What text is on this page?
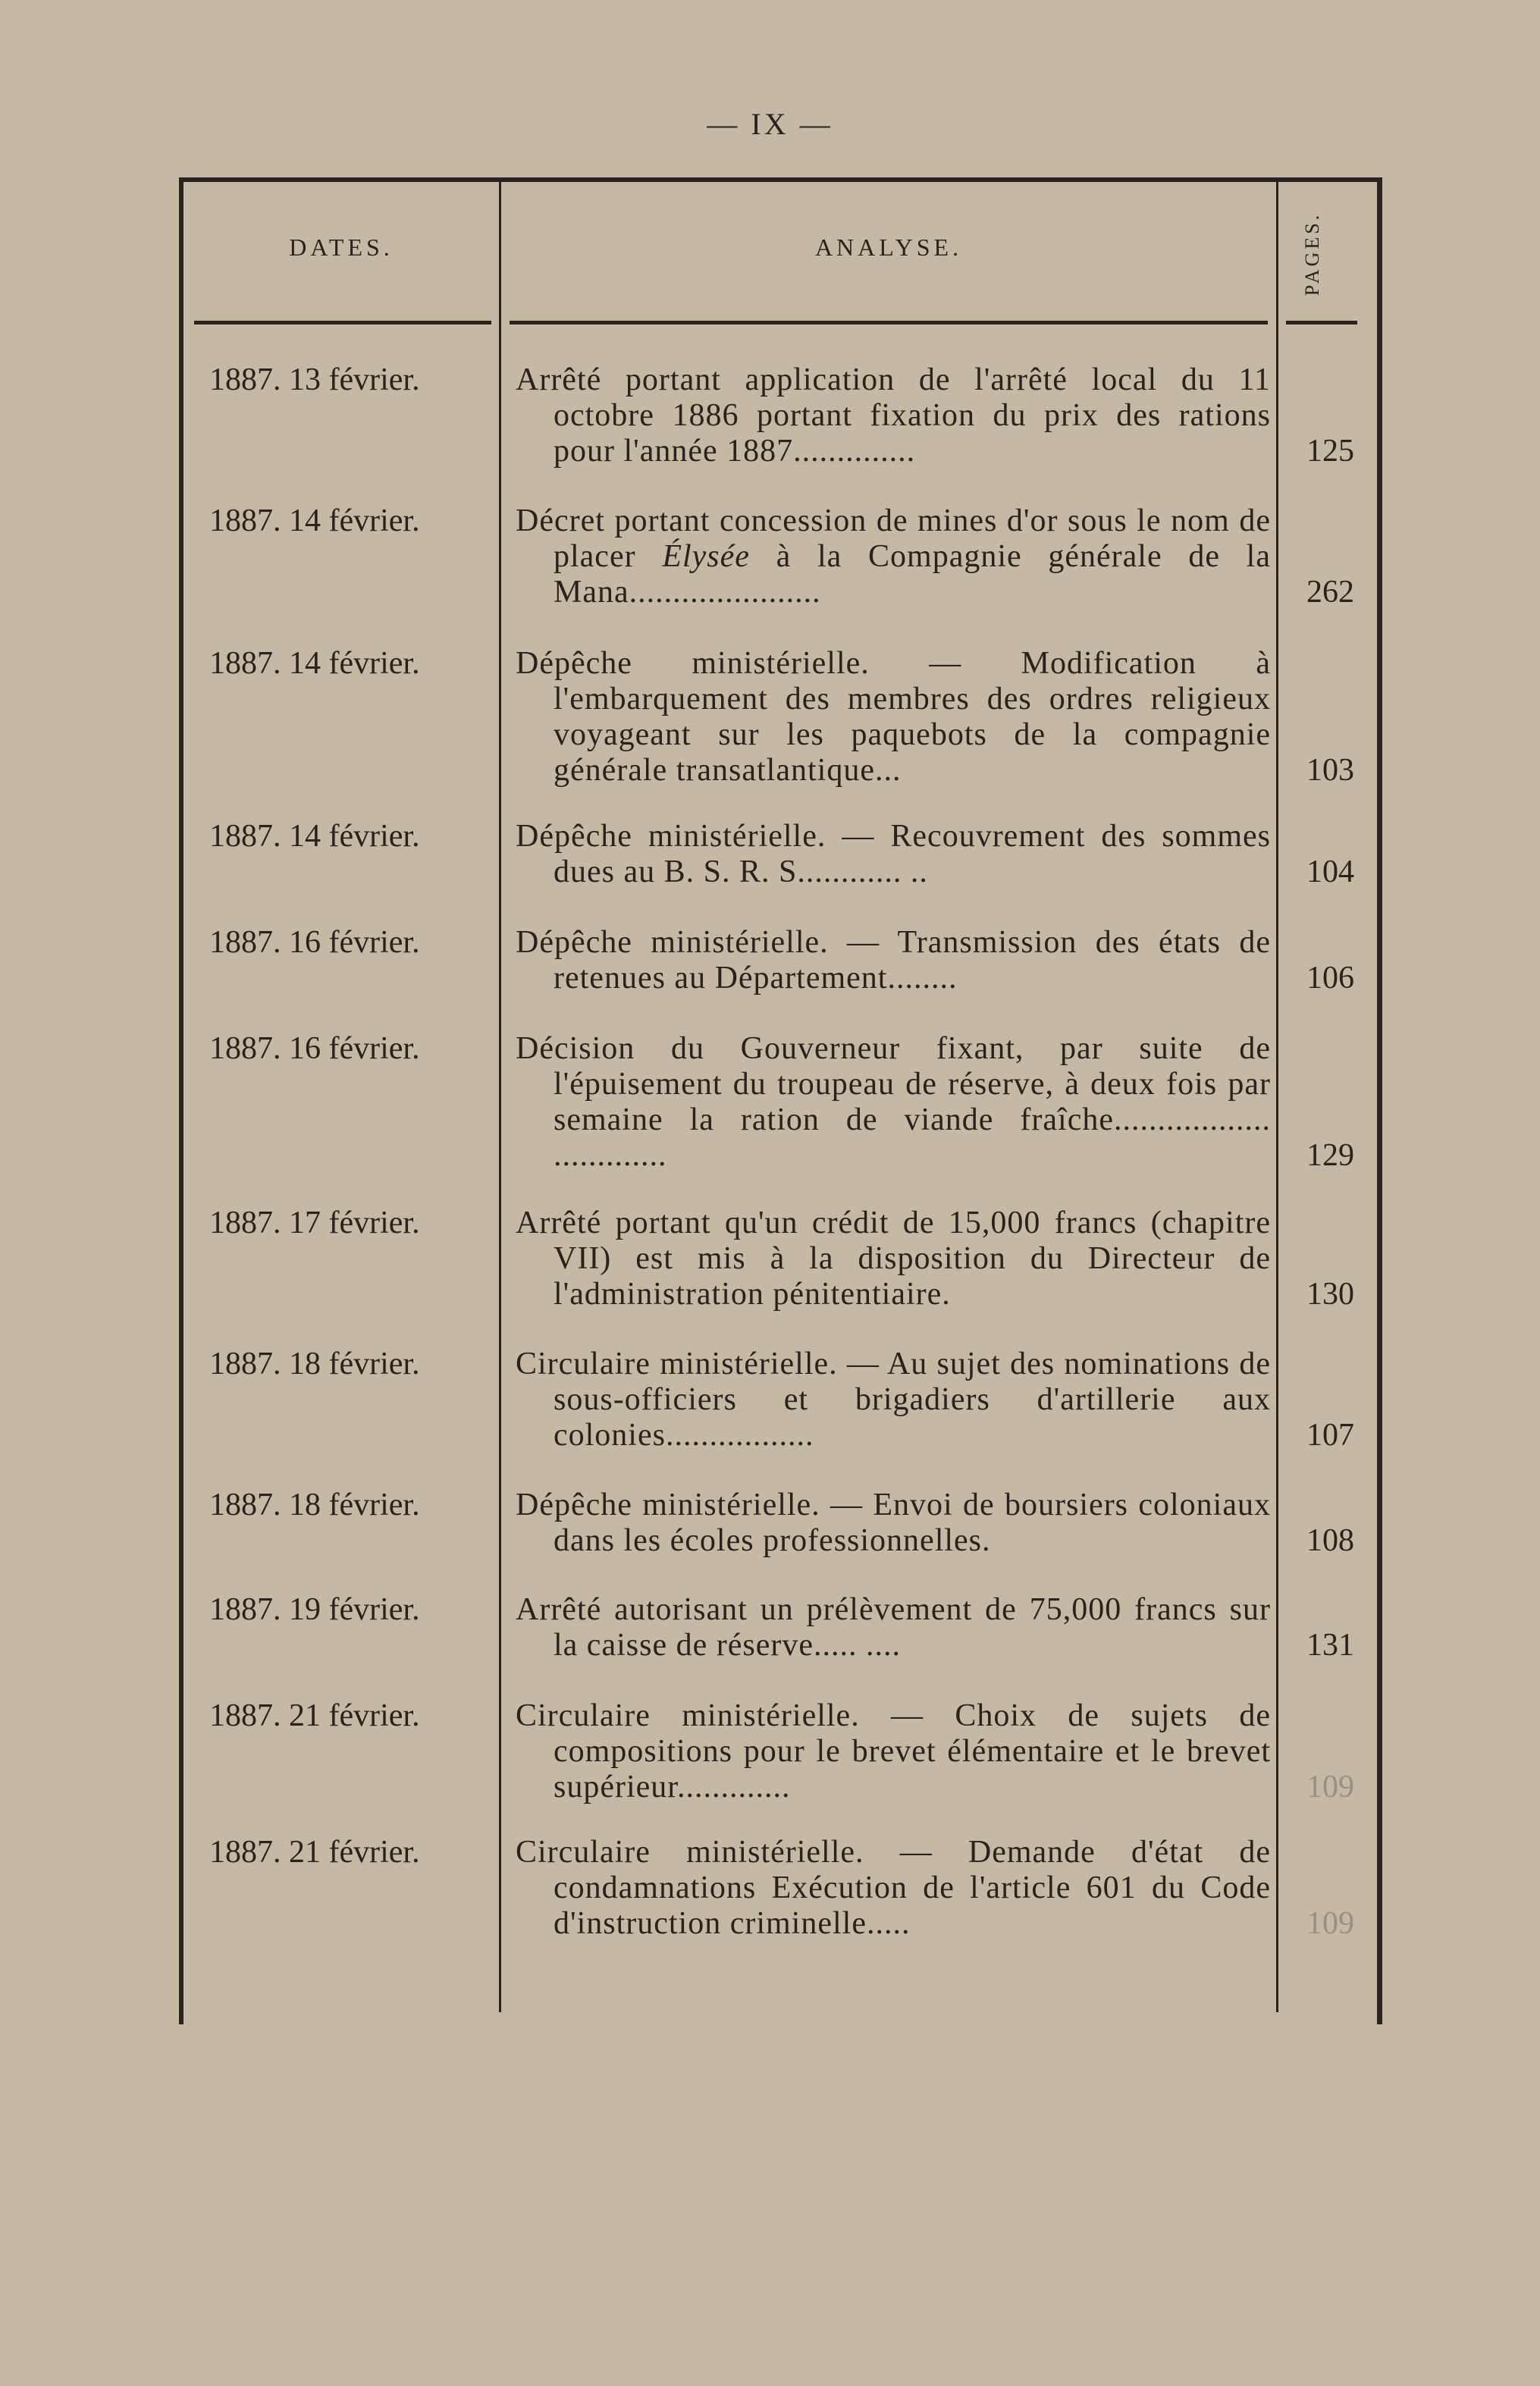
— IX —
DATES.	ANALYSE.	PAGES.
1887. 13 février.	Arrêté portant application de l'arrêté local du 11 octobre 1886 portant fixation du prix des rations pour l'année 1887..............	125
1887. 14 février.	Décret portant concession de mines d'or sous le nom de placer Élysée à la Compagnie générale de la Mana......................	262
1887. 14 février.	Dépêche ministérielle. — Modification à l'embarquement des membres des ordres religieux voyageant sur les paquebots de la compagnie générale transatlantique...	103
1887. 14 février.	Dépêche ministérielle. — Recouvrement des sommes dues au B. S. R. S............ ..	104
1887. 16 février.	Dépêche ministérielle. — Transmission des états de retenues au Département........	106
1887. 16 février.	Décision du Gouverneur fixant, par suite de l'épuisement du troupeau de réserve, à deux fois par semaine la ration de viande fraîche.................. .............	129
1887. 17 février.	Arrêté portant qu'un crédit de 15,000 francs (chapitre VII) est mis à la disposition du Directeur de l'administration pénitentiaire.	130
1887. 18 février.	Circulaire ministérielle. — Au sujet des nominations de sous-officiers et brigadiers d'artillerie aux colonies.................	107
1887. 18 février.	Dépêche ministérielle. — Envoi de boursiers coloniaux dans les écoles professionnelles.	108
1887. 19 février.	Arrêté autorisant un prélèvement de 75,000 francs sur la caisse de réserve..... ....	131
1887. 21 février.	Circulaire ministérielle. — Choix de sujets de compositions pour le brevet élémentaire et le brevet supérieur.............	109
1887. 21 février.	Circulaire ministérielle. — Demande d'état de condamnations Exécution de l'article 601 du Code d'instruction criminelle.....	109
